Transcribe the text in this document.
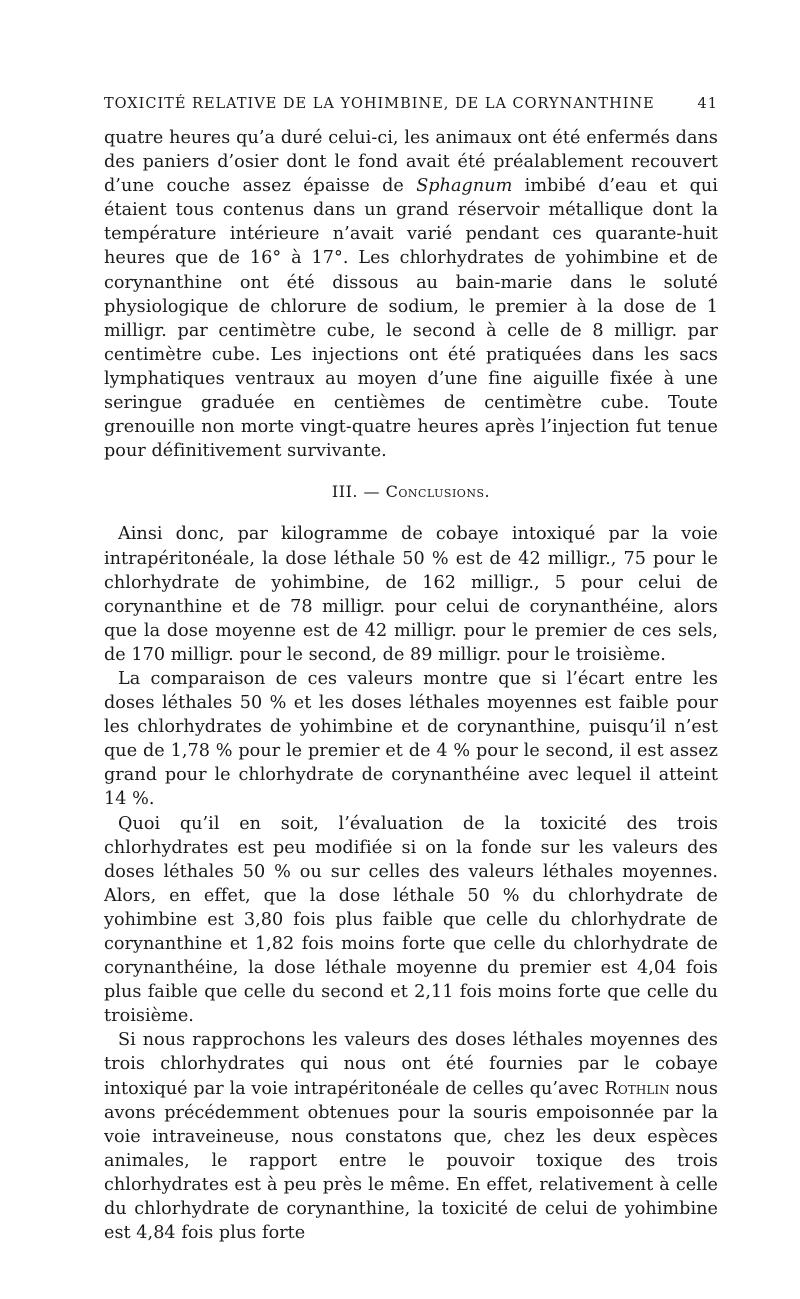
TOXICITÉ RELATIVE DE LA YOHIMBINE, DE LA CORYNANTHINE	41

quatre heures qu’a duré celui-ci, les animaux ont été enfermés dans des paniers d’osier dont le fond avait été préalablement recouvert d’une couche assez épaisse de Sphagnum imbibé d’eau et qui étaient tous contenus dans un grand réservoir métallique dont la température intérieure n’avait varié pendant ces quarante-huit heures que de 16° à 17°. Les chlorhydrates de yohimbine et de corynanthine ont été dissous au bain-marie dans le soluté physiologique de chlorure de sodium, le premier à la dose de 1 milligr. par centimètre cube, le second à celle de 8 milligr. par centimètre cube. Les injections ont été pratiquées dans les sacs lymphatiques ventraux au moyen d’une fine aiguille fixée à une seringue graduée en centièmes de centimètre cube. Toute grenouille non morte vingt-quatre heures après l’injection fut tenue pour définitivement survivante.

III. — Conclusions.

Ainsi donc, par kilogramme de cobaye intoxiqué par la voie intrapéritonéale, la dose léthale 50 % est de 42 milligr., 75 pour le chlorhydrate de yohimbine, de 162 milligr., 5 pour celui de corynanthine et de 78 milligr. pour celui de corynanthéine, alors que la dose moyenne est de 42 milligr. pour le premier de ces sels, de 170 milligr. pour le second, de 89 milligr. pour le troisième.

La comparaison de ces valeurs montre que si l’écart entre les doses léthales 50 % et les doses léthales moyennes est faible pour les chlorhydrates de yohimbine et de corynanthine, puisqu’il n’est que de 1,78 % pour le premier et de 4 % pour le second, il est assez grand pour le chlorhydrate de corynanthéine avec lequel il atteint 14 %.

Quoi qu’il en soit, l’évaluation de la toxicité des trois chlorhydrates est peu modifiée si on la fonde sur les valeurs des doses léthales 50 % ou sur celles des valeurs léthales moyennes. Alors, en effet, que la dose léthale 50 % du chlorhydrate de yohimbine est 3,80 fois plus faible que celle du chlorhydrate de corynanthine et 1,82 fois moins forte que celle du chlorhydrate de corynanthéine, la dose léthale moyenne du premier est 4,04 fois plus faible que celle du second et 2,11 fois moins forte que celle du troisième.

Si nous rapprochons les valeurs des doses léthales moyennes des trois chlorhydrates qui nous ont été fournies par le cobaye intoxiqué par la voie intrapéritonéale de celles qu’avec Rothlin nous avons précédemment obtenues pour la souris empoisonnée par la voie intraveineuse, nous constatons que, chez les deux espèces animales, le rapport entre le pouvoir toxique des trois chlorhydrates est à peu près le même. En effet, relativement à celle du chlorhydrate de corynanthine, la toxicité de celui de yohimbine est 4,84 fois plus forte
